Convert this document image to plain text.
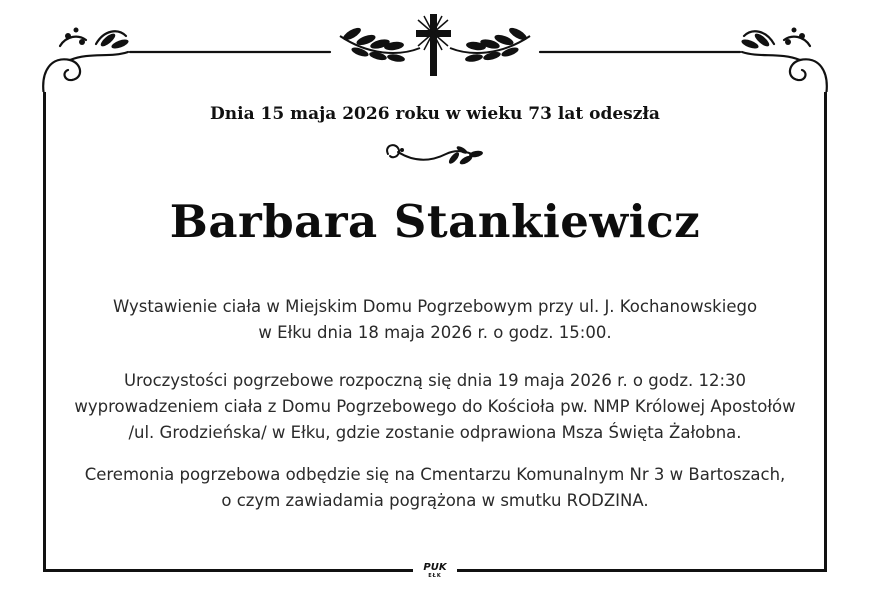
Dnia 15 maja 2026 roku w wieku 73 lat odeszła
Barbara Stankiewicz
Wystawienie ciała w Miejskim Domu Pogrzebowym przy ul. J. Kochanowskiego
w Ełku dnia 18 maja 2026 r. o godz. 15:00.
Uroczystości pogrzebowe rozpoczną się dnia 19 maja 2026 r. o godz. 12:30
wyprowadzeniem ciała z Domu Pogrzebowego do Kościoła pw. NMP Królowej Apostołów
/ul. Grodzieńska/ w Ełku, gdzie zostanie odprawiona Msza Święta Żałobna.
Ceremonia pogrzebowa odbędzie się na Cmentarzu Komunalnym Nr 3 w Bartoszach,
o czym zawiadamia pogrążona w smutku RODZINA.
PUK
EŁK
